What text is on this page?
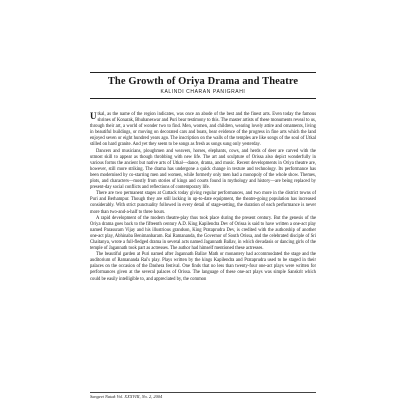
The Growth of Oriya Drama and Theatre
KALINDI CHARAN PANIGRAHI

Utkal, as the name of the region indicates, was once an abode of the best and the finest arts. Even today the famous shrines of Konarak, Bhubaneswar and Puri bear testimony to this. The master artists of these monuments reveal to us, through their art, a world of wonder two to find. Men, women, and children, wearing lovely attire and ornaments, living in beautiful buildings, or moving on decorated cars and boats, bear evidence of the progress in fine arts which the land enjoyed seven or eight hundred years ago. The inscription on the walls of the temples are like songs of the soul of Utkal stilled on hard granite. And yet they seem to be songs as fresh as songs sung only yesterday.

Dancers and musicians, ploughmen and weavers, horses, elephants, cows, and herds of deer are carved with the utmost skill to appear as though throbbing with new life. The art and sculpture of Orissa also depict wonderfully in various forms the ancient but native arts of Utkal—dance, drama, and music. Recent developments in Oriya theatre are, however, still more striking. The drama has undergone a quick change in texture and technology. Its performance has been modernised by co-starring men and women, while formerly only men had a monopoly of the whole show. Themes, plots, and characters—mostly from stories of kings and courts found in mythology and history—are being replaced by present-day social conflicts and reflections of contemporary life.

There are two permanent stages at Cuttack today giving regular performances, and two more in the district towns of Puri and Berhampur. Though they are still lacking in up-to-date equipment, the theatre-going population has increased considerably. With strict punctuality followed in every detail of stage-setting, the duration of each performance is never more than two-and-a-half to three hours.

A rapid development of the modern theatre-play thus took place during the present century. But the genesis of the Oriya drama goes back to the fifteenth century A.D. King Kapilendra Dev of Orissa is said to have written a one-act play named Parasuram Vijay and his illustrious grandson, King Prataprudra Dev, is credited with the authorship of another one-act play, Abhinaba Benimanbaram. Rai Ramananda, the Governor of South Orissa, and the celebrated disciple of Sri Chaitanya, wrote a full-fledged drama in several acts named Jagannath Ballav, in which devadasis or dancing girls of the temple of Jagannath took part as actresses. The author had himself mentioned these actresses.

The beautiful garden at Puri named after Jagannath Ballav Math or monastery had accommodated the stage and the auditorium of Ramananda Rai's play. Plays written by the kings Kapilendra and Prataprudra used to be staged in their palaces on the occasion of the Dashera festival. One finds that no less than twenty-four one-act plays were written for performances given at the several palaces of Orissa. The language of these one-act plays was simple Sanskrit which could be easily intelligible to, and appreciated by, the common

Sangeet Natak Vol. XXXVIII, No. 2, 2004
